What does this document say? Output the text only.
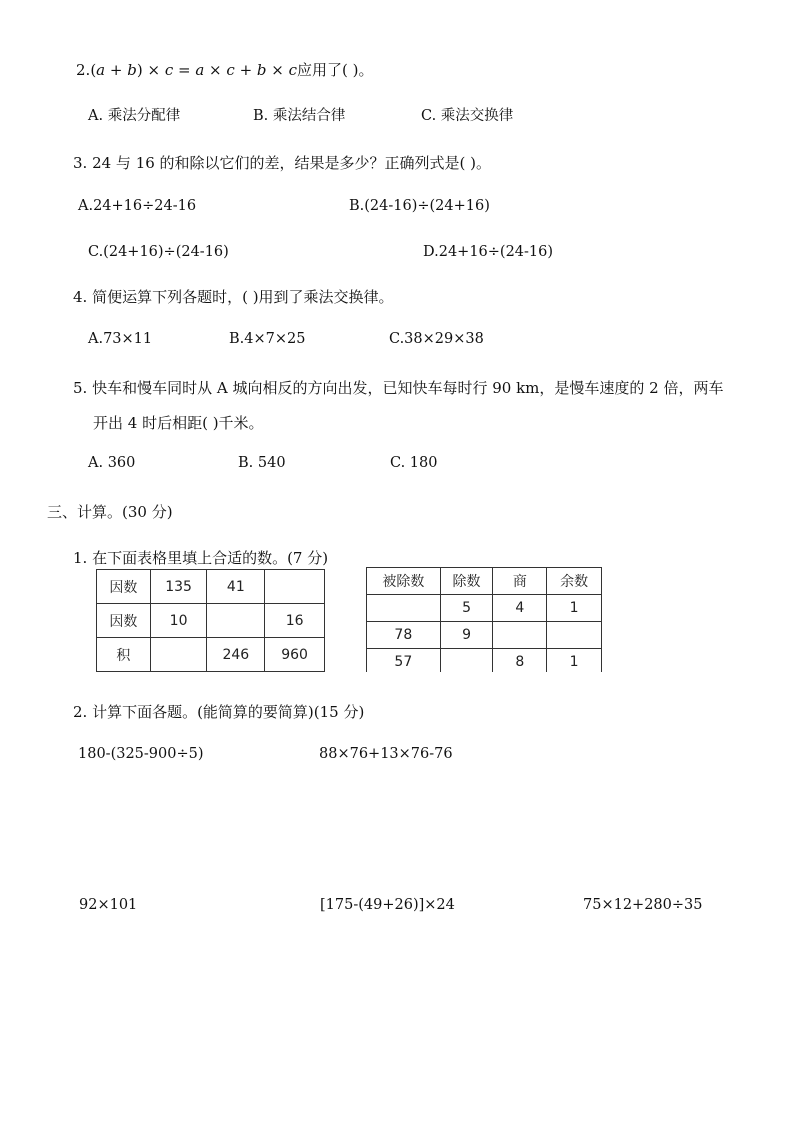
2.(a + b) × c = a × c + b × c应用了( )。
A. 乘法分配律	B. 乘法结合律	C. 乘法交换律
3. 24 与 16 的和除以它们的差，结果是多少？正确列式是( )。
A.24+16÷24-16	B.(24-16)÷(24+16)
C.(24+16)÷(24-16)	D.24+16÷(24-16)
4. 简便运算下列各题时，( )用到了乘法交换律。
A.73×11	B.4×7×25	C.38×29×38
5. 快车和慢车同时从 A 城向相反的方向出发，已知快车每时行 90 km，是慢车速度的 2 倍，两车
开出 4 时后相距( )千米。
A. 360	B. 540	C. 180
三、计算。(30 分)
1. 在下面表格里填上合适的数。(7 分)
因数	135	41	
因数	10		16
积		246	960
被除数	除数	商	余数
	5	4	1
78	9		
57		8	1
2. 计算下面各题。(能简算的要简算)(15 分)
180-(325-900÷5)	88×76+13×76-76
92×101	[175-(49+26)]×24	75×12+280÷35
